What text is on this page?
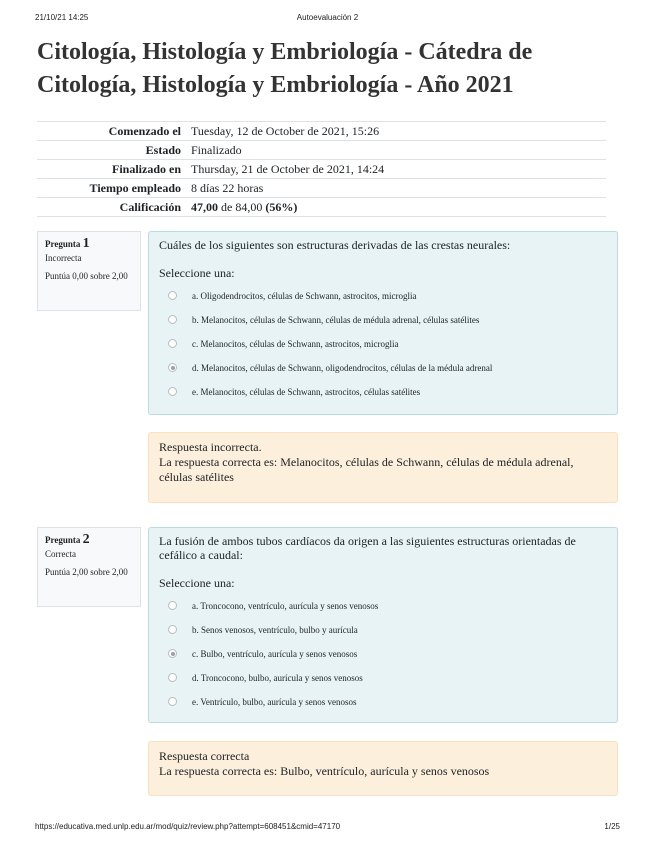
21/10/21 14:25	Autoevaluación 2
Citología, Histología y Embriología - Cátedra de Citología, Histología y Embriología - Año 2021
Comenzado el	Tuesday, 12 de October de 2021, 15:26
Estado	Finalizado
Finalizado en	Thursday, 21 de October de 2021, 14:24
Tiempo empleado	8 días 22 horas
Calificación	47,00 de 84,00 (56%)
Pregunta 1
Incorrecta
Puntúa 0,00 sobre 2,00
Cuáles de los siguientes son estructuras derivadas de las crestas neurales:
Seleccione una:
a. Oligodendrocitos, células de Schwann, astrocitos, microglia
b. Melanocitos, células de Schwann, células de médula adrenal, células satélites
c. Melanocitos, células de Schwann, astrocitos, microglia
d. Melanocitos, células de Schwann, oligodendrocitos, células de la médula adrenal
e. Melanocitos, células de Schwann, astrocitos, células satélites
Respuesta incorrecta.
La respuesta correcta es: Melanocitos, células de Schwann, células de médula adrenal, células satélites
Pregunta 2
Correcta
Puntúa 2,00 sobre 2,00
La fusión de ambos tubos cardíacos da origen a las siguientes estructuras orientadas de cefálico a caudal:
Seleccione una:
a. Troncocono, ventrículo, aurícula y senos venosos
b. Senos venosos, ventrículo, bulbo y aurícula
c. Bulbo, ventrículo, aurícula y senos venosos
d. Troncocono, bulbo, aurícula y senos venosos
e. Ventrículo, bulbo, aurícula y senos venosos
Respuesta correcta
La respuesta correcta es: Bulbo, ventrículo, aurícula y senos venosos
https://educativa.med.unlp.edu.ar/mod/quiz/review.php?attempt=608451&cmid=47170	1/25
